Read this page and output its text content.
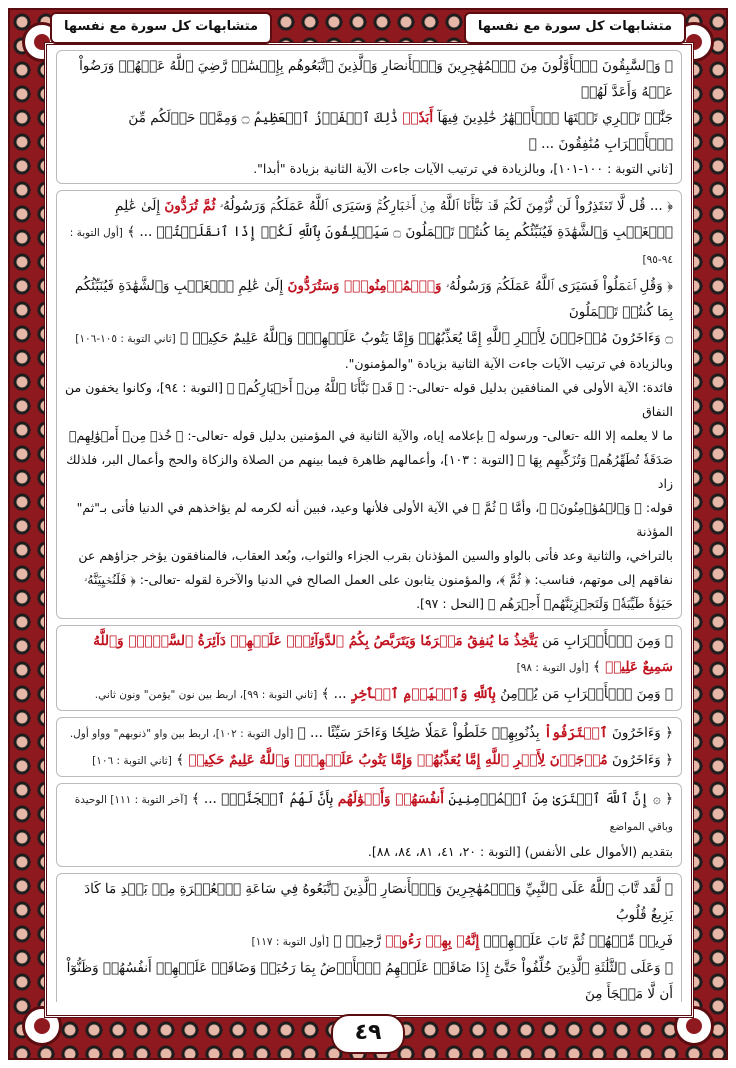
متشابهات كل سورة مع نفسها
متشابهات كل سورة مع نفسها

﴿ وَٱلسَّٰبِقُونَ ٱلۡأَوَّلُونَ مِنَ ٱلۡمُهَٰجِرِينَ وَٱلۡأَنصَارِ وَٱلَّذِينَ ٱتَّبَعُوهُم بِإِحۡسَٰنٖ رَّضِيَ ٱللَّهُ عَنۡهُمۡ وَرَضُواْ عَنۡهُ وَأَعَدَّ لَهُمۡ

جَنَّٰتٖ تَجۡرِي تَحۡتَهَا ٱلۡأَنۡهَٰرُ خَٰلِدِينَ فِيهَآ أَبَدٗاۚ ذَٰلِكَ ٱلۡفَوۡزُ ٱلۡعَظِيمُ ۝ وَمِمَّنۡ حَوۡلَكُم مِّنَ ٱلۡأَعۡرَابِ مُنَٰفِقُونَ ... ﴾

[ثاني التوبة : ١٠٠-١٠١]، وبالزيادة في ترتيب الآيات جاءت الآية الثانية بزيادة "أبدا".

﴿ ... قُل لَّا تَعۡتَذِرُواْ لَن نُّؤۡمِنَ لَكُمۡ قَدۡ نَبَّأَنَا ٱللَّهُ مِنۡ أَخۡبَارِكُمۡۚ وَسَيَرَى ٱللَّهُ عَمَلَكُمۡ وَرَسُولُهُۥ ثُمَّ تُرَدُّونَ إِلَىٰ عَٰلِمِ

ٱلۡغَيۡبِ وَٱلشَّهَٰدَةِ فَيُنَبِّئُكُم بِمَا كُنتُمۡ تَعۡمَلُونَ ۝ سَيَحۡلِفُونَ بِٱللَّهِ لَكُمۡ إِذَا ٱنقَلَبۡتُمۡ ... ﴾ [أول التوبة : ٩٤-٩٥]

﴿ وَقُلِ ٱعۡمَلُواْ فَسَيَرَى ٱللَّهُ عَمَلَكُمۡ وَرَسُولُهُۥ وَٱلۡمُؤۡمِنُونَۖ وَسَتُرَدُّونَ إِلَىٰ عَٰلِمِ ٱلۡغَيۡبِ وَٱلشَّهَٰدَةِ فَيُنَبِّئُكُم بِمَا كُنتُمۡ تَعۡمَلُونَ

۝ وَءَاخَرُونَ مُرۡجَوۡنَ لِأَمۡرِ ٱللَّهِ إِمَّا يُعَذِّبُهُمۡ وَإِمَّا يَتُوبُ عَلَيۡهِمۡۗ وَٱللَّهُ عَلِيمٌ حَكِيمٞ ﴾ [ثاني التوبة : ١٠٥-١٠٦]

وبالزيادة في ترتيب الآيات جاءت الآية الثانية بزيادة "والمؤمنون".

فائدة: الآية الأولى في المنافقين بدليل قوله -تعالى-: ﴿ قَدۡ نَبَّأَنَا ٱللَّهُ مِنۡ أَخۡبَارِكُمۡ ﴾ [التوبة : ٩٤]، وكانوا يخفون من النفاق

ما لا يعلمه إلا الله -تعالى- ورسوله ﷺ بإعلامه إياه، والآية الثانية في المؤمنين بدليل قوله -تعالى-: ﴿ خُذۡ مِنۡ أَمۡوَٰلِهِمۡ

صَدَقَةٗ تُطَهِّرُهُمۡ وَتُزَكِّيهِم بِهَا ﴾ [التوبة : ١٠٣]، وأعمالهم ظاهرة فيما بينهم من الصلاة والزكاة والحج وأعمال البر، فلذلك زاد

قوله: ﴿ وَٱلۡمُؤۡمِنُونَۖ ﴾، وأمَّا ﴿ ثُمَّ ﴾ في الآية الأولى فلأنها وعيد، فبين أنه لكرمه لم يؤاخذهم في الدنيا فأتى بـ"ثم" المؤذنة

بالتراخي، والثانية وعد فأتى بالواو والسين المؤذنان بقرب الجزاء والثواب، وبُعد العقاب، فالمنافقون يؤخر جزاؤهم عن

نفاقهم إلى موتهم، فناسب: ﴿ ثُمَّ ﴾، والمؤمنون يثابون على العمل الصالح في الدنيا والآخرة لقوله -تعالى-: ﴿ فَلَنُحۡيِيَنَّهُۥ

حَيَوٰةٗ طَيِّبَةٗۖ وَلَنَجۡزِيَنَّهُمۡ أَجۡرَهُم ﴾ [النحل : ٩٧].

﴿ وَمِنَ ٱلۡأَعۡرَابِ مَن يَتَّخِذُ مَا يُنفِقُ مَغۡرَمٗا وَيَتَرَبَّصُ بِكُمُ ٱلدَّوَآئِرَۚ عَلَيۡهِمۡ دَآئِرَةُ ٱلسَّوۡءِۗ وَٱللَّهُ سَمِيعٌ عَلِيمٞ ﴾ [أول التوبة : ٩٨]

﴿ وَمِنَ ٱلۡأَعۡرَابِ مَن يُؤۡمِنُ بِٱللَّهِ وَٱلۡيَوۡمِ ٱلۡأٓخِرِ ... ﴾ [ثاني التوبة : ٩٩]، اربط بين نون "يؤمن" ونون ثاني.

﴿ وَءَاخَرُونَ ٱعۡتَرَفُواْ بِذُنُوبِهِمۡ خَلَطُواْ عَمَلٗا صَٰلِحٗا وَءَاخَرَ سَيِّئًا ... ﴾ [أول التوبة : ١٠٢]، اربط بين واو "ذنوبهم" وواو أول.

﴿ وَءَاخَرُونَ مُرۡجَوۡنَ لِأَمۡرِ ٱللَّهِ إِمَّا يُعَذِّبُهُمۡ وَإِمَّا يَتُوبُ عَلَيۡهِمۡۗ وَٱللَّهُ عَلِيمٌ حَكِيمٞ ﴾ [ثاني التوبة : ١٠٦]

﴿ ۞ إِنَّ ٱللَّهَ ٱشۡتَرَىٰ مِنَ ٱلۡمُؤۡمِنِينَ أَنفُسَهُمۡ وَأَمۡوَٰلَهُم بِأَنَّ لَهُمُ ٱلۡجَنَّةَۚ ... ﴾ [آخر التوبة : ١١١] الوحيدة وباقي المواضع

بتقديم (الأموال على الأنفس) [التوبة : ٢٠، ٤١، ٨١، ٨٤، ٨٨].

﴿ لَّقَد تَّابَ ٱللَّهُ عَلَى ٱلنَّبِيِّ وَٱلۡمُهَٰجِرِينَ وَٱلۡأَنصَارِ ٱلَّذِينَ ٱتَّبَعُوهُ فِي سَاعَةِ ٱلۡعُسۡرَةِ مِنۢ بَعۡدِ مَا كَادَ يَزِيغُ قُلُوبُ

فَرِيقٖ مِّنۡهُمۡ ثُمَّ تَابَ عَلَيۡهِمۡۚ إِنَّهُۥ بِهِمۡ رَءُوفٞ رَّحِيمٞ ﴾ [أول التوبة : ١١٧]

﴿ وَعَلَى ٱلثَّلَٰثَةِ ٱلَّذِينَ خُلِّفُواْ حَتَّىٰٓ إِذَا ضَاقَتۡ عَلَيۡهِمُ ٱلۡأَرۡضُ بِمَا رَحُبَتۡ وَضَاقَتۡ عَلَيۡهِمۡ أَنفُسُهُمۡ وَظَنُّوٓاْ أَن لَّا مَلۡجَأَ مِنَ

٤٩
